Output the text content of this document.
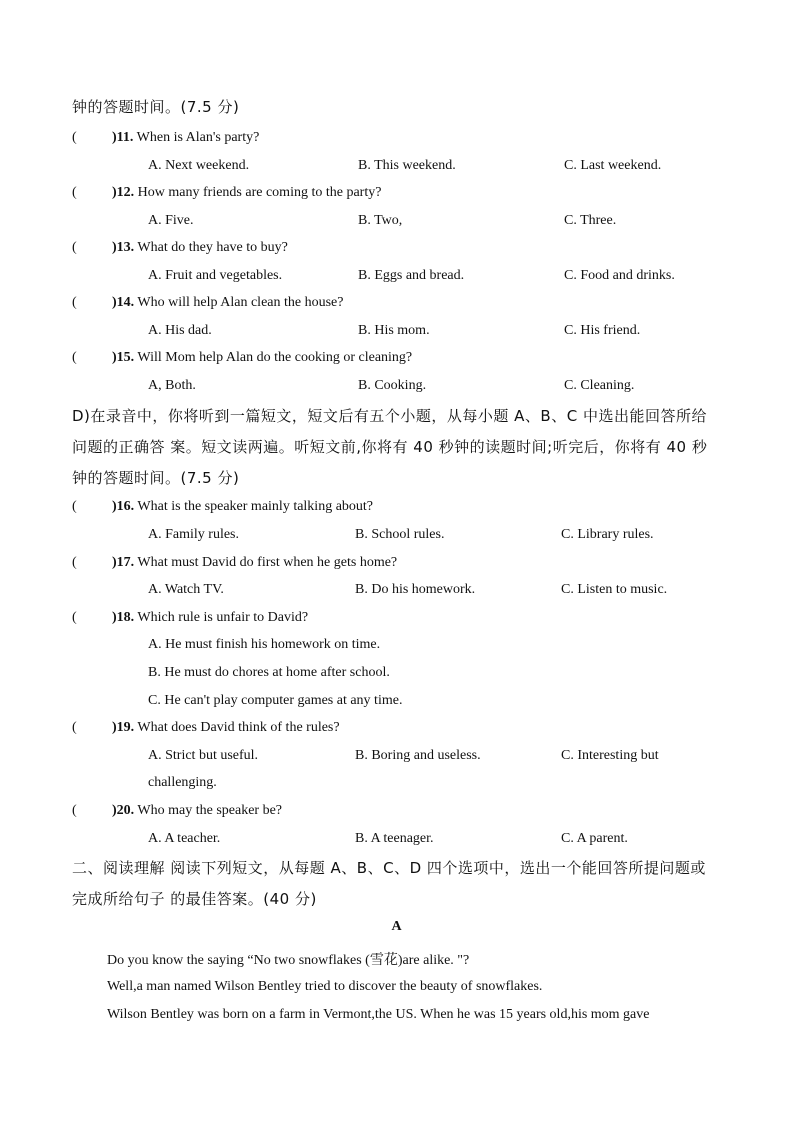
钟的答题时间。(7.5 分)
(	)11. When is Alan's party?
A. Next weekend.	B. This weekend.	C. Last weekend.
(	)12. How many friends are coming to the party?
A. Five.	B. Two,	C. Three.
(	)13. What do they have to buy?
A. Fruit and vegetables.	B. Eggs and bread.	C. Food and drinks.
(	)14. Who will help Alan clean the house?
A. His dad.	B. His mom.	C. His friend.
(	)15. Will Mom help Alan do the cooking or cleaning?
A, Both.	B. Cooking.	C. Cleaning.
D)在录音中，你将听到一篇短文，短文后有五个小题，从每小题 A、B、C 中选出能回答所给
问题的正确答 案。短文读两遍。听短文前,你将有 40 秒钟的读题时间;听完后，你将有 40 秒
钟的答题时间。(7.5 分)
(	)16. What is the speaker mainly talking about?
A. Family rules.	B. School rules.	C. Library rules.
(	)17. What must David do first when he gets home?
A. Watch TV.	B. Do his homework.	C. Listen to music.
(	)18. Which rule is unfair to David?
A. He must finish his homework on time.
B. He must do chores at home after school.
C. He can't play computer games at any time.
(	)19. What does David think of the rules?
A. Strict but useful.	B. Boring and useless.	C. Interesting but
challenging.
(	)20. Who may the speaker be?
A. A teacher.	B. A teenager.	C. A parent.
二、阅读理解 阅读下列短文，从每题 A、B、C、D 四个选项中，选出一个能回答所提问题或
完成所给句子 的最佳答案。(40 分)
A
Do you know the saying “No two snowflakes (雪花)are alike. "?
Well,a man named Wilson Bentley tried to discover the beauty of snowflakes.
Wilson Bentley was born on a farm in Vermont,the US. When he was 15 years old,his mom gave
